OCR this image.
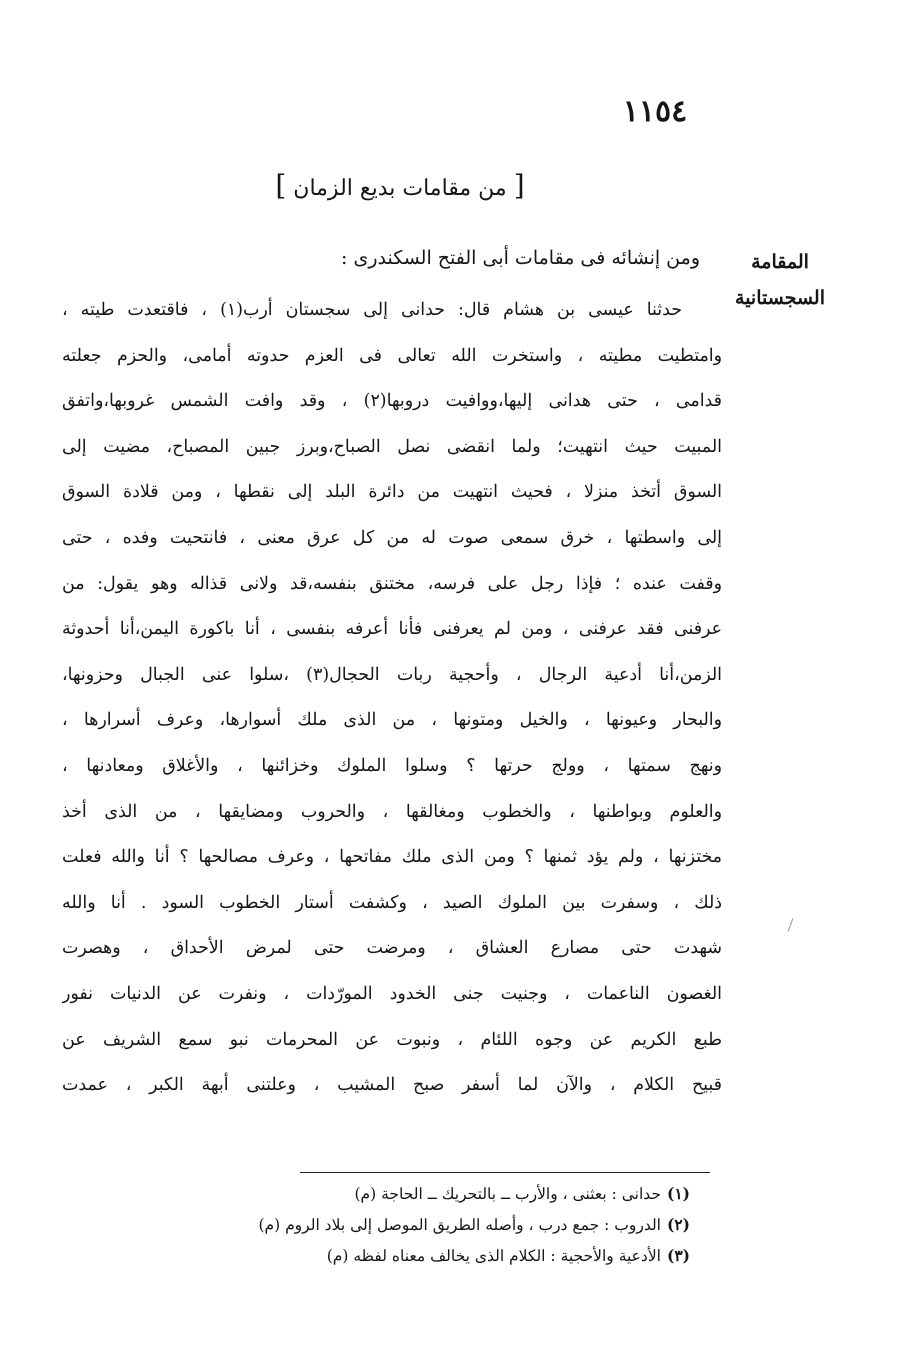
١١٥٤
[ من مقامات بديع الزمان ]
المقامة
السجستانية
ومن إنشائه فى مقامات أبى الفتح السكندرى :
حدثنا عيسى بن هشام قال: حدانى إلى سجستان أرب(١) ، فاقتعدت طيته ،
وامتطيت مطيته ، واستخرت الله تعالى فى العزم حدوته أمامى، والحزم جعلته
قدامى ، حتى هدانى إليها،ووافيت دروبها(٢) ، وقد وافت الشمس غروبها،واتفق
المبيت حيث انتهيت؛ ولما انقضى نصل الصباح،وبرز جبين المصباح، مضيت إلى
السوق أتخذ منزلا ، فحيث انتهيت من دائرة البلد إلى نقطها ، ومن قلادة السوق
إلى واسطتها ، خرق سمعى صوت له من كل عرق معنى ، فانتحيت وفده ، حتى
وقفت عنده ؛ فإذا رجل على فرسه، مختنق بنفسه،قد ولانى قذاله وهو يقول: من
عرفنى فقد عرفنى ، ومن لم يعرفنى فأنا أعرفه بنفسى ، أنا باكورة اليمن،أنا أحدوثة
الزمن،أنا أدعية الرجال ، وأحجية ربات الحجال(٣) ،سلوا عنى الجبال وحزونها،
والبحار وعيونها ، والخيل ومتونها ، من الذى ملك أسوارها، وعرف أسرارها ،
ونهج سمتها ، وولج حرتها ؟ وسلوا الملوك وخزائنها ، والأغلاق ومعادنها ،
والعلوم وبواطنها ، والخطوب ومغالقها ، والحروب ومضايقها ، من الذى أخذ
مختزنها ، ولم يؤد ثمنها ؟ ومن الذى ملك مفاتحها ، وعرف مصالحها ؟ أنا والله فعلت
ذلك ، وسفرت بين الملوك الصيد ، وكشفت أستار الخطوب السود . أنا والله
شهدت حتى مصارع العشاق ، ومرضت حتى لمرض الأحداق ، وهصرت
الغصون الناعمات ، وجنيت جنى الخدود المورّدات ، ونفرت عن الدنيات نفور
طبع الكريم عن وجوه اللئام ، ونبوت عن المحرمات نبو سمع الشريف عن
قبيح الكلام ، والآن لما أسفر صبح المشيب ، وعلتنى أبهة الكبر ، عمدت
(١)حدانى : بعثنى ، والأرب ــ بالتحريك ــ الحاجة (م)
(٢)الدروب : جمع درب ، وأصله الطريق الموصل إلى بلاد الروم (م)
(٣)الأدعية والأحجية : الكلام الذى يخالف معناه لفظه (م)
